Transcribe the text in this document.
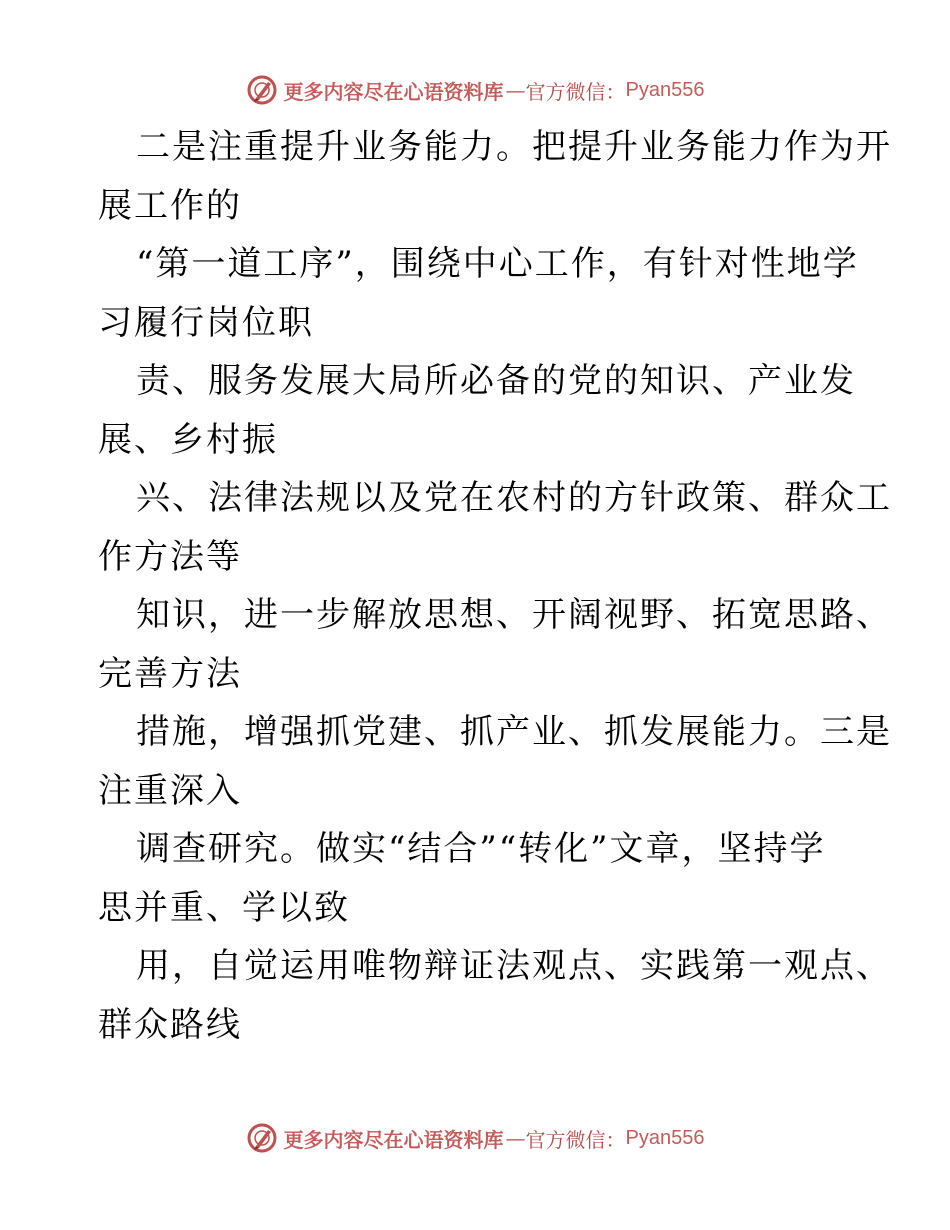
更多内容尽在心语资料库 — 官方微信： Pyan556

二是注重提升业务能力。把提升业务能力作为开
展工作的

“第一道工序”，围绕中心工作，有针对性地学
习履行岗位职

责、服务发展大局所必备的党的知识、产业发
展、乡村振

兴、法律法规以及党在农村的方针政策、群众工
作方法等

知识，进一步解放思想、开阔视野、拓宽思路、
完善方法

措施，增强抓党建、抓产业、抓发展能力。三是
注重深入

调查研究。做实“结合”“转化”文章，坚持学
思并重、学以致

用，自觉运用唯物辩证法观点、实践第一观点、
群众路线

更多内容尽在心语资料库 — 官方微信： Pyan556
